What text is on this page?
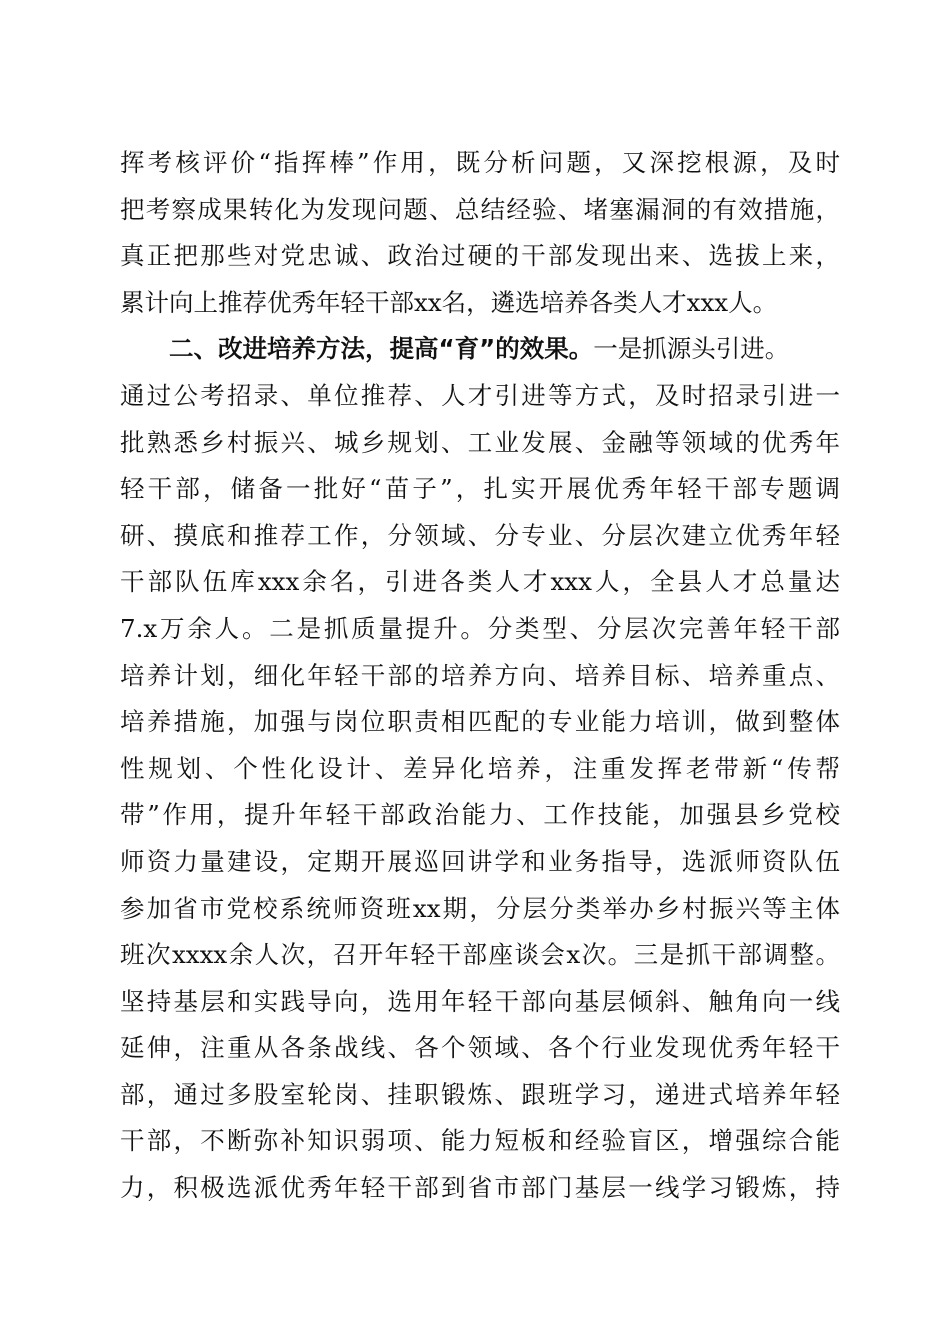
挥考核评价“指挥棒”作用，既分析问题，又深挖根源，及时
把考察成果转化为发现问题、总结经验、堵塞漏洞的有效措施，
真正把那些对党忠诚、政治过硬的干部发现出来、选拔上来，
累计向上推荐优秀年轻干部xx名，遴选培养各类人才xxx人。
二、改进培养方法，提高“育”的效果。一是抓源头引进。
通过公考招录、单位推荐、人才引进等方式，及时招录引进一
批熟悉乡村振兴、城乡规划、工业发展、金融等领域的优秀年
轻干部，储备一批好“苗子”，扎实开展优秀年轻干部专题调
研、摸底和推荐工作，分领域、分专业、分层次建立优秀年轻
干部队伍库xxx余名，引进各类人才xxx人，全县人才总量达
7.x万余人。二是抓质量提升。分类型、分层次完善年轻干部
培养计划，细化年轻干部的培养方向、培养目标、培养重点、
培养措施，加强与岗位职责相匹配的专业能力培训，做到整体
性规划、个性化设计、差异化培养，注重发挥老带新“传帮
带”作用，提升年轻干部政治能力、工作技能，加强县乡党校
师资力量建设，定期开展巡回讲学和业务指导，选派师资队伍
参加省市党校系统师资班xx期，分层分类举办乡村振兴等主体
班次xxxx余人次，召开年轻干部座谈会x次。三是抓干部调整。
坚持基层和实践导向，选用年轻干部向基层倾斜、触角向一线
延伸，注重从各条战线、各个领域、各个行业发现优秀年轻干
部，通过多股室轮岗、挂职锻炼、跟班学习，递进式培养年轻
干部，不断弥补知识弱项、能力短板和经验盲区，增强综合能
力，积极选派优秀年轻干部到省市部门基层一线学习锻炼，持
